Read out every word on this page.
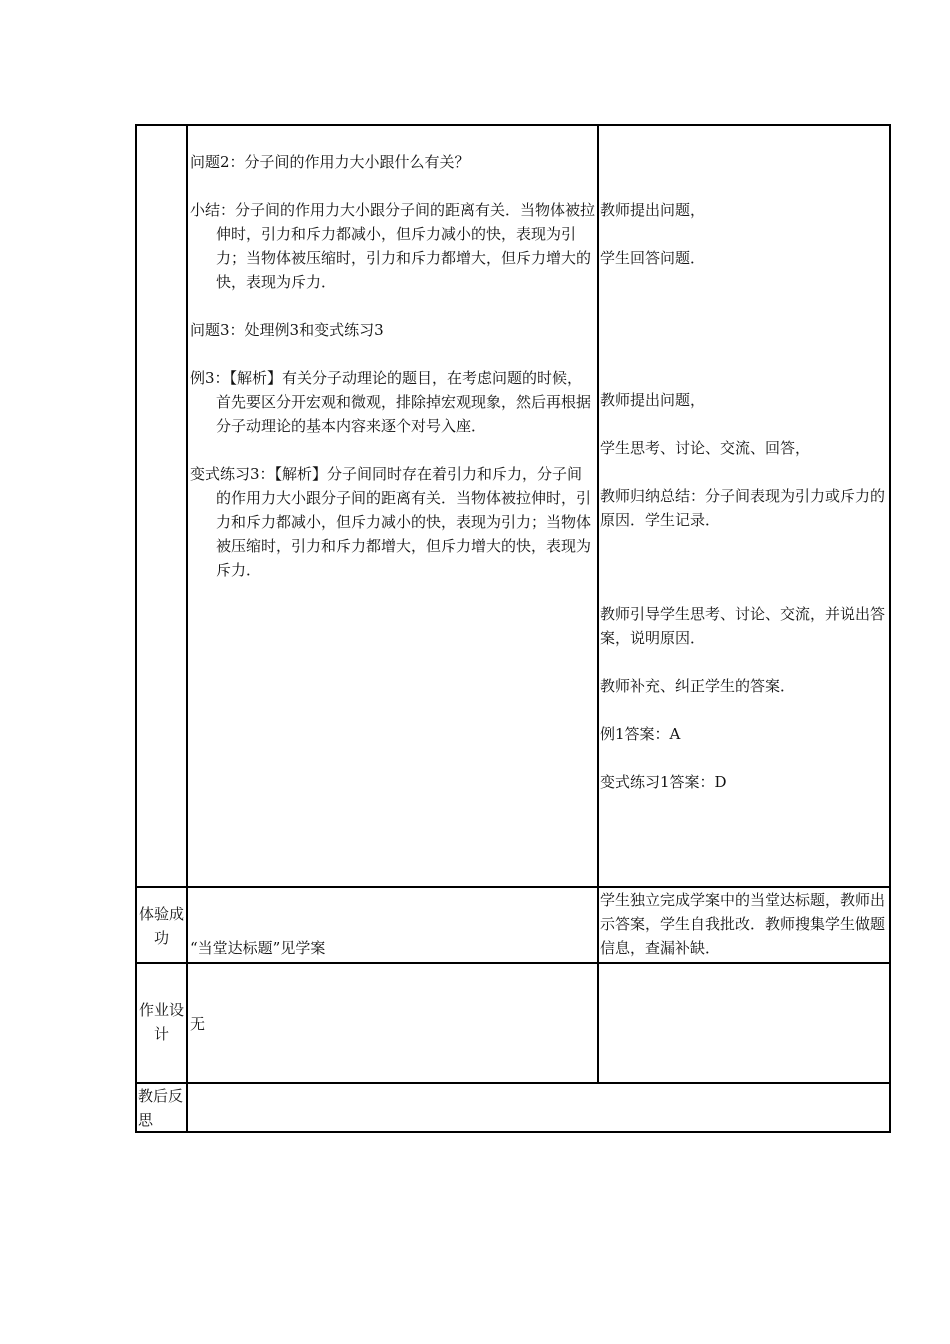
问题2：分子间的作用力大小跟什么有关？

小结：分子间的作用力大小跟分子间的距离有关．当物体被拉伸时，引力和斥力都减小，但斥力减小的快，表现为引力；当物体被压缩时，引力和斥力都增大，但斥力增大的快，表现为斥力．

问题3：处理例3和变式练习3

例3：【解析】有关分子动理论的题目，在考虑问题的时候，首先要区分开宏观和微观，排除掉宏观现象，然后再根据分子动理论的基本内容来逐个对号入座．

变式练习3：【解析】分子间同时存在着引力和斥力，分子间的作用力大小跟分子间的距离有关．当物体被拉伸时，引力和斥力都减小，但斥力减小的快，表现为引力；当物体被压缩时，引力和斥力都增大，但斥力增大的快，表现为斥力．

教师提出问题，

学生回答问题．

教师提出问题，

学生思考、讨论、交流、回答，

教师归纳总结：分子间表现为引力或斥力的原因．学生记录．

教师引导学生思考、讨论、交流，并说出答案，说明原因．

教师补充、纠正学生的答案．

例1答案：A

变式练习1答案：D

体验成功
“当堂达标题”见学案
学生独立完成学案中的当堂达标题，教师出示答案，学生自我批改．教师搜集学生做题信息，查漏补缺．
作业设计
无
教后反思
